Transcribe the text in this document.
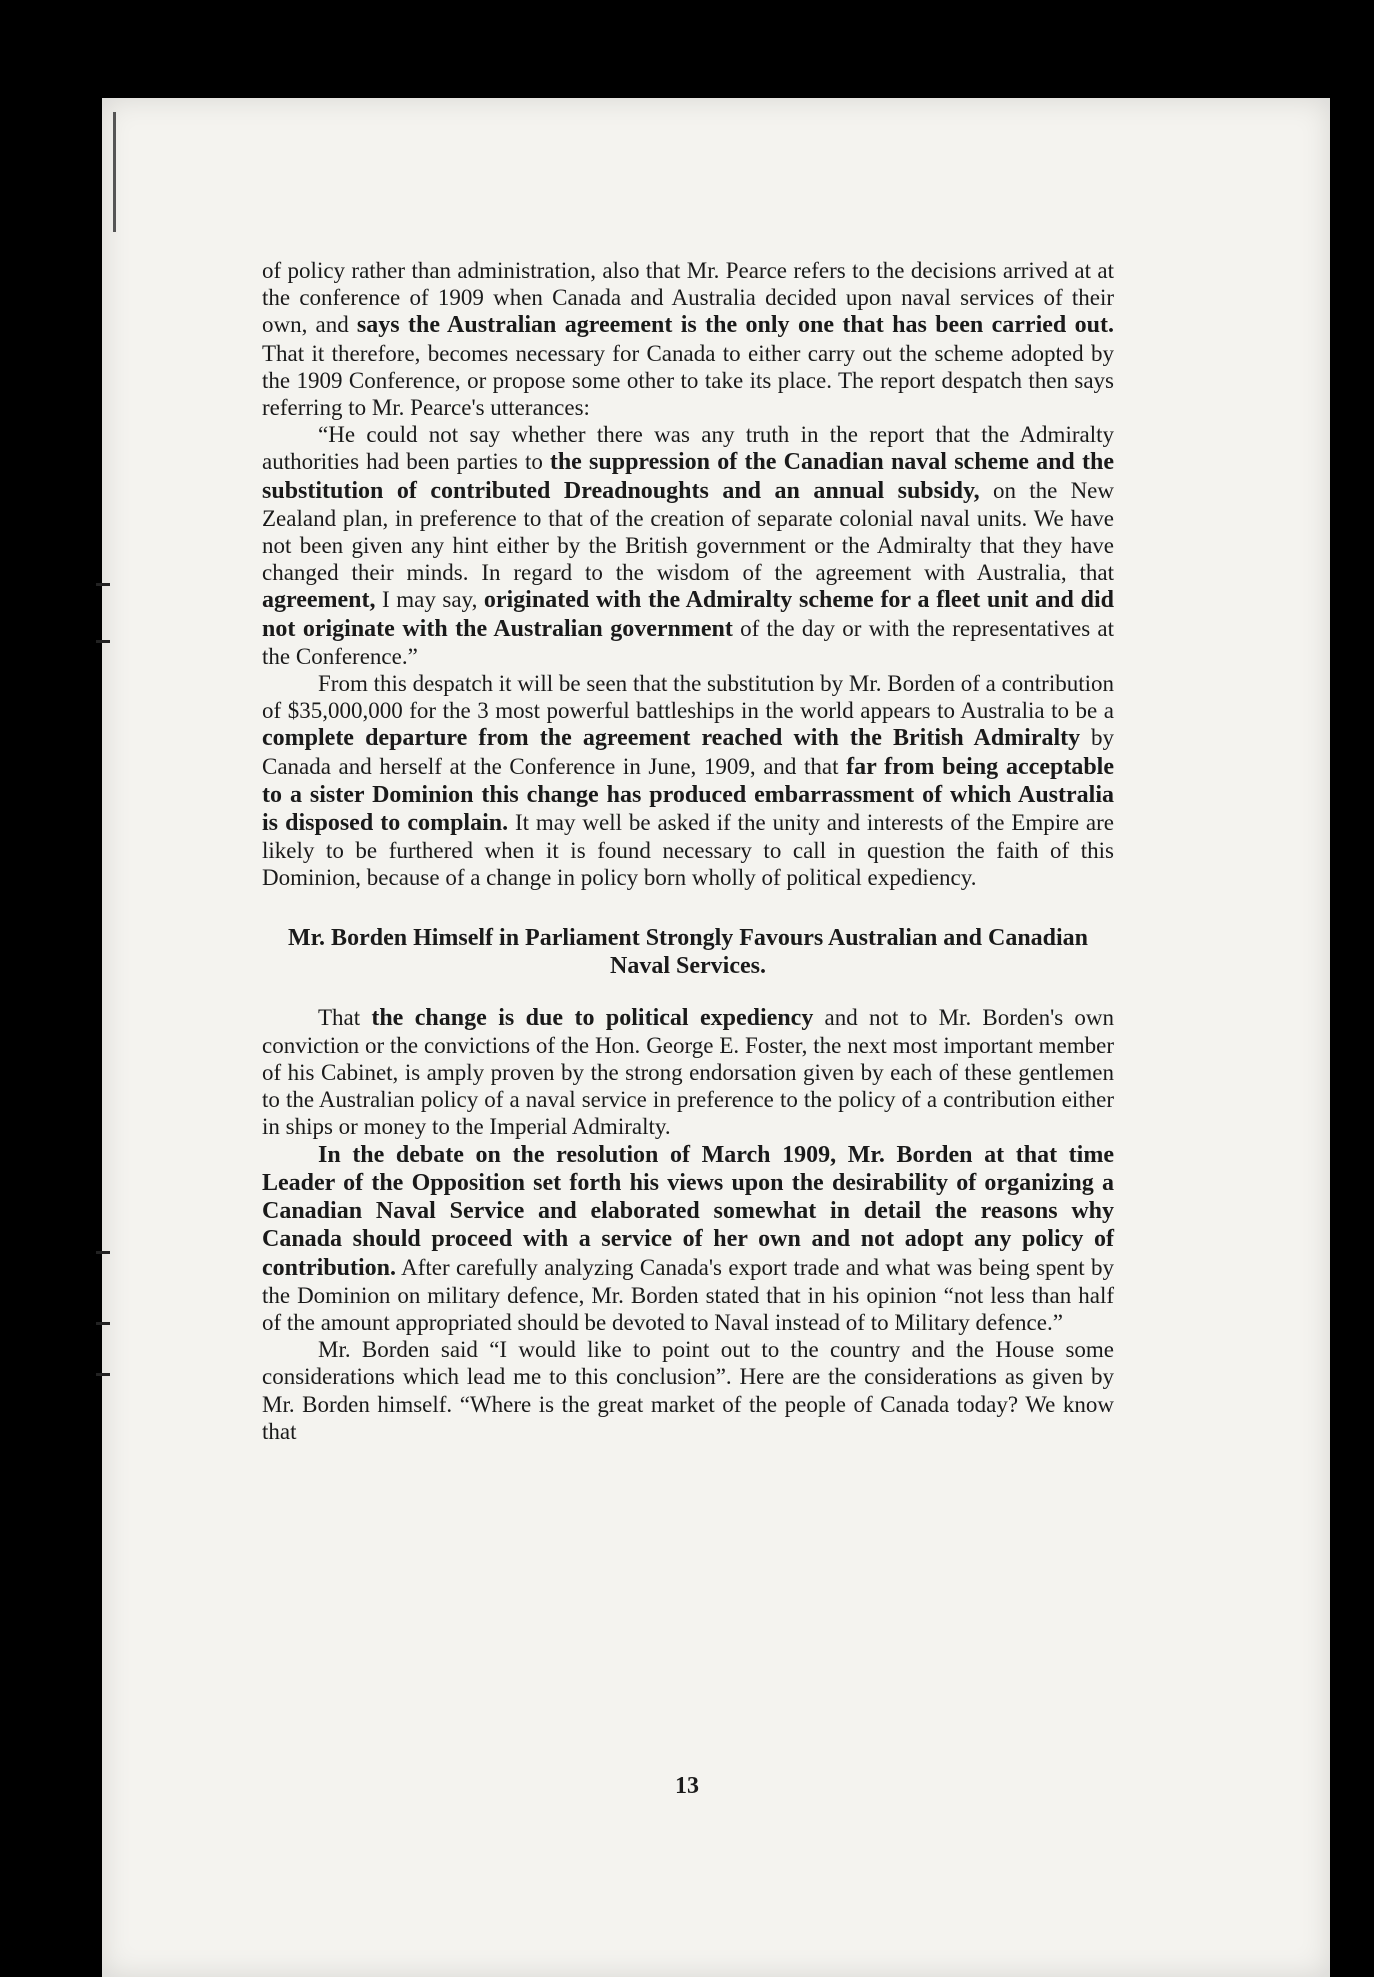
of policy rather than administration, also that Mr. Pearce refers to the decisions arrived at at the conference of 1909 when Canada and Australia decided upon naval services of their own, and says the Australian agreement is the only one that has been carried out. That it therefore, becomes necessary for Canada to either carry out the scheme adopted by the 1909 Conference, or propose some other to take its place. The report despatch then says referring to Mr. Pearce's utterances:

“He could not say whether there was any truth in the report that the Admiralty authorities had been parties to the suppression of the Canadian naval scheme and the substitution of contributed Dreadnoughts and an annual subsidy, on the New Zealand plan, in preference to that of the creation of separate colonial naval units. We have not been given any hint either by the British government or the Admiralty that they have changed their minds. In regard to the wisdom of the agreement with Australia, that agreement, I may say, originated with the Admiralty scheme for a fleet unit and did not originate with the Australian government of the day or with the representatives at the Conference.”

From this despatch it will be seen that the substitution by Mr. Borden of a contribution of $35,000,000 for the 3 most powerful battleships in the world appears to Australia to be a complete departure from the agreement reached with the British Admiralty by Canada and herself at the Conference in June, 1909, and that far from being acceptable to a sister Dominion this change has produced embarrassment of which Australia is disposed to complain. It may well be asked if the unity and interests of the Empire are likely to be furthered when it is found necessary to call in question the faith of this Dominion, because of a change in policy born wholly of political expediency.

Mr. Borden Himself in Parliament Strongly Favours Australian and Canadian Naval Services.

That the change is due to political expediency and not to Mr. Borden's own conviction or the convictions of the Hon. George E. Foster, the next most important member of his Cabinet, is amply proven by the strong endorsation given by each of these gentlemen to the Australian policy of a naval service in preference to the policy of a contribution either in ships or money to the Imperial Admiralty.

In the debate on the resolution of March 1909, Mr. Borden at that time Leader of the Opposition set forth his views upon the desirability of organizing a Canadian Naval Service and elaborated somewhat in detail the reasons why Canada should proceed with a service of her own and not adopt any policy of contribution. After carefully analyzing Canada's export trade and what was being spent by the Dominion on military defence, Mr. Borden stated that in his opinion “not less than half of the amount appropriated should be devoted to Naval instead of to Military defence.”

Mr. Borden said “I would like to point out to the country and the House some considerations which lead me to this conclusion”. Here are the considerations as given by Mr. Borden himself. “Where is the great market of the people of Canada today? We know that

13
